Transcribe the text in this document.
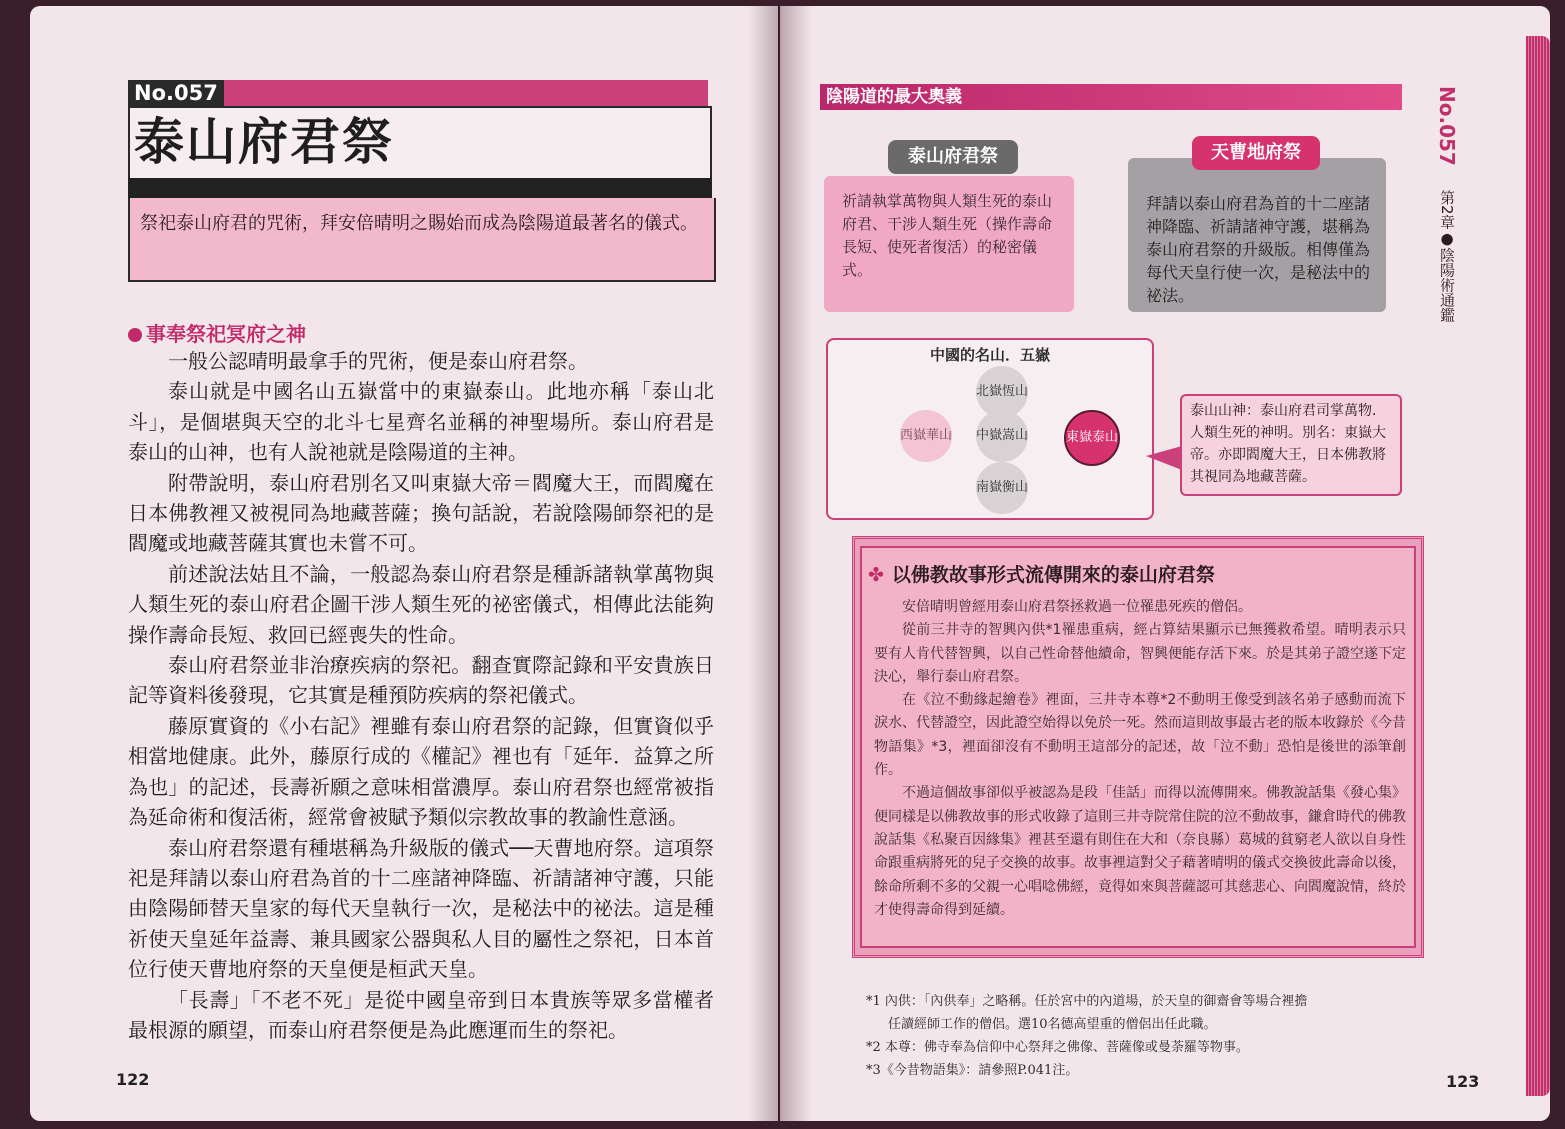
No.057
泰山府君祭
祭祀泰山府君的咒術，拜安倍晴明之賜始而成為陰陽道最著名的儀式。
事奉祭祀冥府之神

一般公認晴明最拿手的咒術，便是泰山府君祭。

泰山就是中國名山五嶽當中的東嶽泰山。此地亦稱「泰山北斗」，是個堪與天空的北斗七星齊名並稱的神聖場所。泰山府君是泰山的山神，也有人說祂就是陰陽道的主神。

附帶說明，泰山府君別名又叫東嶽大帝＝閻魔大王，而閻魔在日本佛教裡又被視同為地藏菩薩；換句話說，若說陰陽師祭祀的是閻魔或地藏菩薩其實也未嘗不可。

前述說法姑且不論，一般認為泰山府君祭是種訴諸執掌萬物與人類生死的泰山府君企圖干涉人類生死的祕密儀式，相傳此法能夠操作壽命長短、救回已經喪失的性命。

泰山府君祭並非治療疾病的祭祀。翻查實際記錄和平安貴族日記等資料後發現，它其實是種預防疾病的祭祀儀式。

藤原實資的《小右記》裡雖有泰山府君祭的記錄，但實資似乎相當地健康。此外，藤原行成的《權記》裡也有「延年．益算之所為也」的記述，長壽祈願之意味相當濃厚。泰山府君祭也經常被指為延命術和復活術，經常會被賦予類似宗教故事的教諭性意涵。

泰山府君祭還有種堪稱為升級版的儀式──天曹地府祭。這項祭祀是拜請以泰山府君為首的十二座諸神降臨、祈請諸神守護，只能由陰陽師替天皇家的每代天皇執行一次，是秘法中的祕法。這是種祈使天皇延年益壽、兼具國家公器與私人目的屬性之祭祀，日本首位行使天曹地府祭的天皇便是桓武天皇。

「長壽」「不老不死」是從中國皇帝到日本貴族等眾多當權者最根源的願望，而泰山府君祭便是為此應運而生的祭祀。

122
陰陽道的最大奧義	No.057
第2章●陰陽術通鑑
泰山府君祭
祈請執掌萬物與人類生死的泰山府君、干涉人類生死（操作壽命長短、使死者復活）的秘密儀式。
天曹地府祭
拜請以泰山府君為首的十二座諸神降臨、祈請諸神守護，堪稱為泰山府君祭的升級版。相傳僅為每代天皇行使一次，是秘法中的祕法。
中國的名山．五嶽
北嶽恆山
西嶽華山 中嶽嵩山	東嶽泰山
南嶽衡山
泰山山神：泰山府君司掌萬物．人類生死的神明。別名：東嶽大帝。亦即閻魔大王，日本佛教將其視同為地藏菩薩。
✤ 以佛教故事形式流傳開來的泰山府君祭

安倍晴明曾經用泰山府君祭拯救過一位罹患死疾的僧侶。

從前三井寺的智興內供*1罹患重病，經占算結果顯示已無獲救希望。晴明表示只要有人肯代替智興，以自己性命替他續命，智興便能存活下來。於是其弟子證空遂下定決心，舉行泰山府君祭。

在《泣不動緣起繪卷》裡面，三井寺本尊*2不動明王像受到該名弟子感動而流下淚水、代替證空，因此證空始得以免於一死。然而這則故事最古老的版本收錄於《今昔物語集》*3，裡面卻沒有不動明王這部分的記述，故「泣不動」恐怕是後世的添筆創作。

不過這個故事卻似乎被認為是段「佳話」而得以流傳開來。佛教說話集《發心集》便同樣是以佛教故事的形式收錄了這則三井寺院常住院的泣不動故事，鎌倉時代的佛教說話集《私聚百因緣集》裡甚至還有則住在大和（奈良縣）葛城的貧窮老人欲以自身性命跟重病將死的兒子交換的故事。故事裡這對父子藉著晴明的儀式交換彼此壽命以後，餘命所剩不多的父親一心唱唸佛經，竟得如來與菩薩認可其慈悲心、向閻魔說情，終於才使得壽命得到延續。

*1 內供：「內供奉」之略稱。任於宮中的內道場，於天皇的御齋會等場合裡擔

任讀經師工作的僧侶。選10名德高望重的僧侶出任此職。

*2 本尊：佛寺奉為信仰中心祭拜之佛像、菩薩像或曼荼羅等物事。

*3《今昔物語集》：請參照P.041注。

123
